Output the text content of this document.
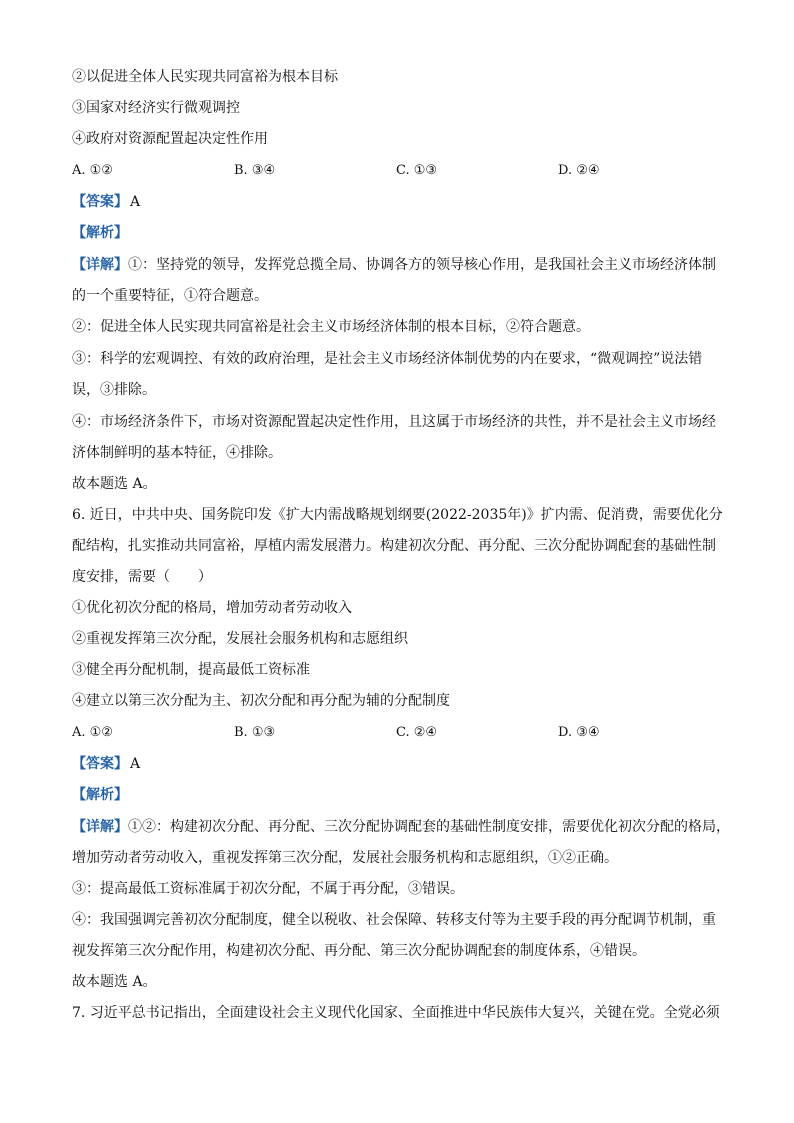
②以促进全体人民实现共同富裕为根本目标
③国家对经济实行微观调控
④政府对资源配置起决定性作用
A. ①②	B. ③④	C. ①③	D. ②④
【答案】 A
【解析】
【详解】①：坚持党的领导，发挥党总揽全局、协调各方的领导核心作用，是我国社会主义市场经济体制
的一个重要特征，①符合题意。
②：促进全体人民实现共同富裕是社会主义市场经济体制的根本目标，②符合题意。
③：科学的宏观调控、有效的政府治理，是社会主义市场经济体制优势的内在要求，“微观调控”说法错
误，③排除。
④：市场经济条件下，市场对资源配置起决定性作用，且这属于市场经济的共性，并不是社会主义市场经
济体制鲜明的基本特征，④排除。
故本题选 A。
6. 近日，中共中央、国务院印发《扩大内需战略规划纲要(2022-2035年)》扩内需、促消费，需要优化分
配结构，扎实推动共同富裕，厚植内需发展潜力。构建初次分配、再分配、三次分配协调配套的基础性制
度安排，需要（　　）
①优化初次分配的格局，增加劳动者劳动收入
②重视发挥第三次分配，发展社会服务机构和志愿组织
③健全再分配机制，提高最低工资标准
④建立以第三次分配为主、初次分配和再分配为辅的分配制度
A. ①②	B. ①③	C. ②④	D. ③④
【答案】 A
【解析】
【详解】①②：构建初次分配、再分配、三次分配协调配套的基础性制度安排，需要优化初次分配的格局，
增加劳动者劳动收入，重视发挥第三次分配，发展社会服务机构和志愿组织，①②正确。
③：提高最低工资标准属于初次分配，不属于再分配，③错误。
④：我国强调完善初次分配制度，健全以税收、社会保障、转移支付等为主要手段的再分配调节机制，重
视发挥第三次分配作用，构建初次分配、再分配、第三次分配协调配套的制度体系，④错误。
故本题选 A。
7. 习近平总书记指出，全面建设社会主义现代化国家、全面推进中华民族伟大复兴，关键在党。全党必须
